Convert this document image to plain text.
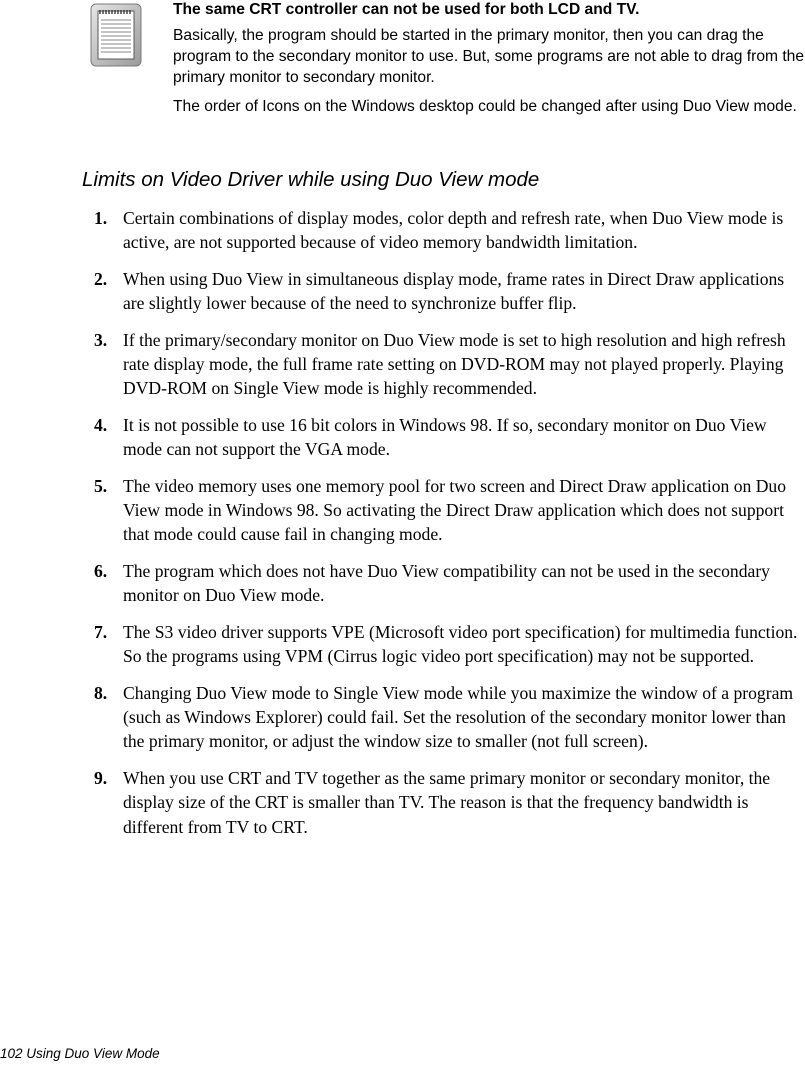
The same CRT controller can not be used for both LCD and TV.

Basically, the program should be started in the primary monitor, then you can drag the program to the secondary monitor to use. But, some programs are not able to drag from the primary monitor to secondary monitor.

The order of Icons on the Windows desktop could be changed after using Duo View mode.

Limits on Video Driver while using Duo View mode
1. Certain combinations of display modes, color depth and refresh rate, when Duo View mode is active, are not supported because of video memory bandwidth limitation.
2. When using Duo View in simultaneous display mode, frame rates in Direct Draw applications are slightly lower because of the need to synchronize buffer flip.
3. If the primary/secondary monitor on Duo View mode is set to high resolution and high refresh rate display mode, the full frame rate setting on DVD-ROM may not played properly. Playing DVD-ROM on Single View mode is highly recommended.
4. It is not possible to use 16 bit colors in Windows 98. If so, secondary monitor on Duo View mode can not support the VGA mode.
5. The video memory uses one memory pool for two screen and Direct Draw application on Duo View mode in Windows 98. So activating the Direct Draw application which does not support that mode could cause fail in changing mode.
6. The program which does not have Duo View compatibility can not be used in the secondary monitor on Duo View mode.
7. The S3 video driver supports VPE (Microsoft video port specification) for multimedia function. So the programs using VPM (Cirrus logic video port specification) may not be supported.
8. Changing Duo View mode to Single View mode while you maximize the window of a program (such as Windows Explorer) could fail. Set the resolution of the secondary monitor lower than the primary monitor, or adjust the window size to smaller (not full screen).
9. When you use CRT and TV together as the same primary monitor or secondary monitor, the display size of the CRT is smaller than TV. The reason is that the frequency bandwidth is different from TV to CRT.
102 Using Duo View Mode
